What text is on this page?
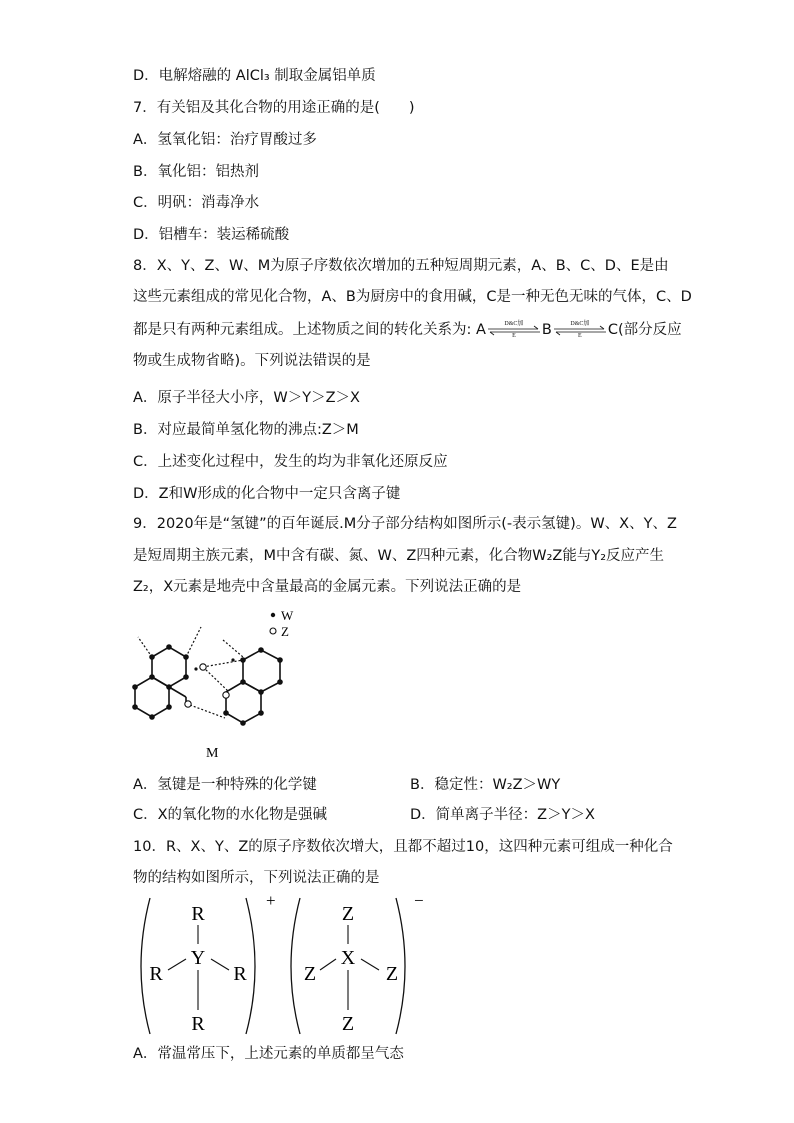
D．电解熔融的 AlCl₃ 制取金属铝单质
7．有关铝及其化合物的用途正确的是(　　)
A．氢氧化铝：治疗胃酸过多
B．氧化铝：铝热剂
C．明矾：消毒净水
D．铝槽车：装运稀硫酸
8．X、Y、Z、W、M为原子序数依次增加的五种短周期元素，A、B、C、D、E是由
这些元素组成的常见化合物，A、B为厨房中的食用碱，C是一种无色无味的气体，C、D
都是只有两种元素组成。上述物质之间的转化关系为: A	D&C加
E	B	D&C加
E	C(部分反应
物或生成物省略)。下列说法错误的是
A．原子半径大小序，W＞Y＞Z＞X
B．对应最简单氢化物的沸点:Z＞M
C．上述变化过程中，发生的均为非氧化还原反应
D．Z和W形成的化合物中一定只含离子键
9．2020年是“氢键”的百年诞辰.M分子部分结构如图所示(-表示氢键)。W、X、Y、Z
是短周期主族元素，M中含有碳、氮、W、Z四种元素，化合物W₂Z能与Y₂反应产生
Z₂，X元素是地壳中含量最高的金属元素。下列说法正确的是
W
Z
M
A．氢键是一种特殊的化学键	B．稳定性：W₂Z＞WY
C．X的氧化物的水化物是强碱	D．简单离子半径：Z＞Y＞X
10．R、X、Y、Z的原子序数依次增大，且都不超过10，这四种元素可组成一种化合
物的结构如图所示，下列说法正确的是
+
R
Y
R	R
R
−
Z
X
Z	Z
Z
A．常温常压下，上述元素的单质都呈气态
